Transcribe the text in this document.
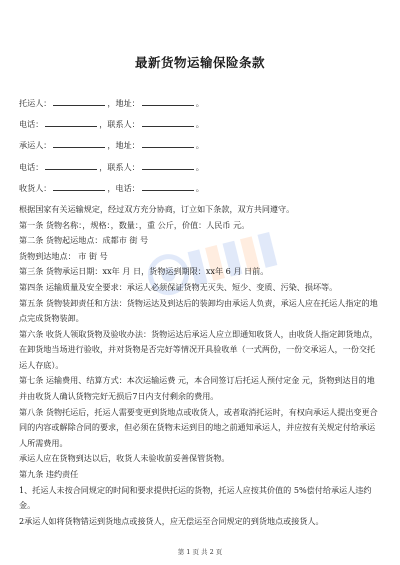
最新货物运输保险条款
托运人：	，地址：	。
电话：	，联系人：	。
承运人：	，地址：	。
电话：	，联系人：	。
收货人：	，电话：	。
根据国家有关运输规定，经过双方充分协商，订立如下条款，双方共同遵守。
第一条 货物名称：，规格：，数量：，重 公斤，价值：人民币 元。
第二条 货物起运地点：成都市 街 号
货物到达地点： 市 街 号
第三条 货物承运日期：xx年 月 日，货物运到期限：xx年 6 月 日前。
第四条 运输质量及安全要求：承运人必须保证货物无灭失、短少、变质、污染、损坏等。
第五条 货物装卸责任和方法：货物运达及到达后的装卸均由承运人负责，承运人应在托运人指定的地点完成货物装卸。
第六条 收货人领取货物及验收办法：货物运达后承运人应立即通知收货人，由收货人指定卸货地点，在卸货地当场进行验收，并对货物是否完好等情况开具验收单（一式两份，一份交承运人，一份交托运人存底）。
第七条 运输费用、结算方式：本次运输运费 元，本合同签订后托运人预付定金 元，货物到达目的地并由收货人确认货物完好无损后7日内支付剩余的费用。
第八条 货物托运后，托运人需要变更到货地点或收货人，或者取消托运时，有权向承运人提出变更合同的内容或解除合同的要求，但必须在货物未运到目的地之前通知承运人，并应按有关规定付给承运人所需费用。
承运人应在货物到达以后，收货人未验收前妥善保管货物。
第九条 违约责任
1、托运人未按合同规定的时间和要求提供托运的货物，托运人应按其价值的 5%偿付给承运人违约金。
2承运人如将货物错运到货地点或接货人，应无偿运至合同规定的到货地点或接货人。
第 1 页 共 2 页
